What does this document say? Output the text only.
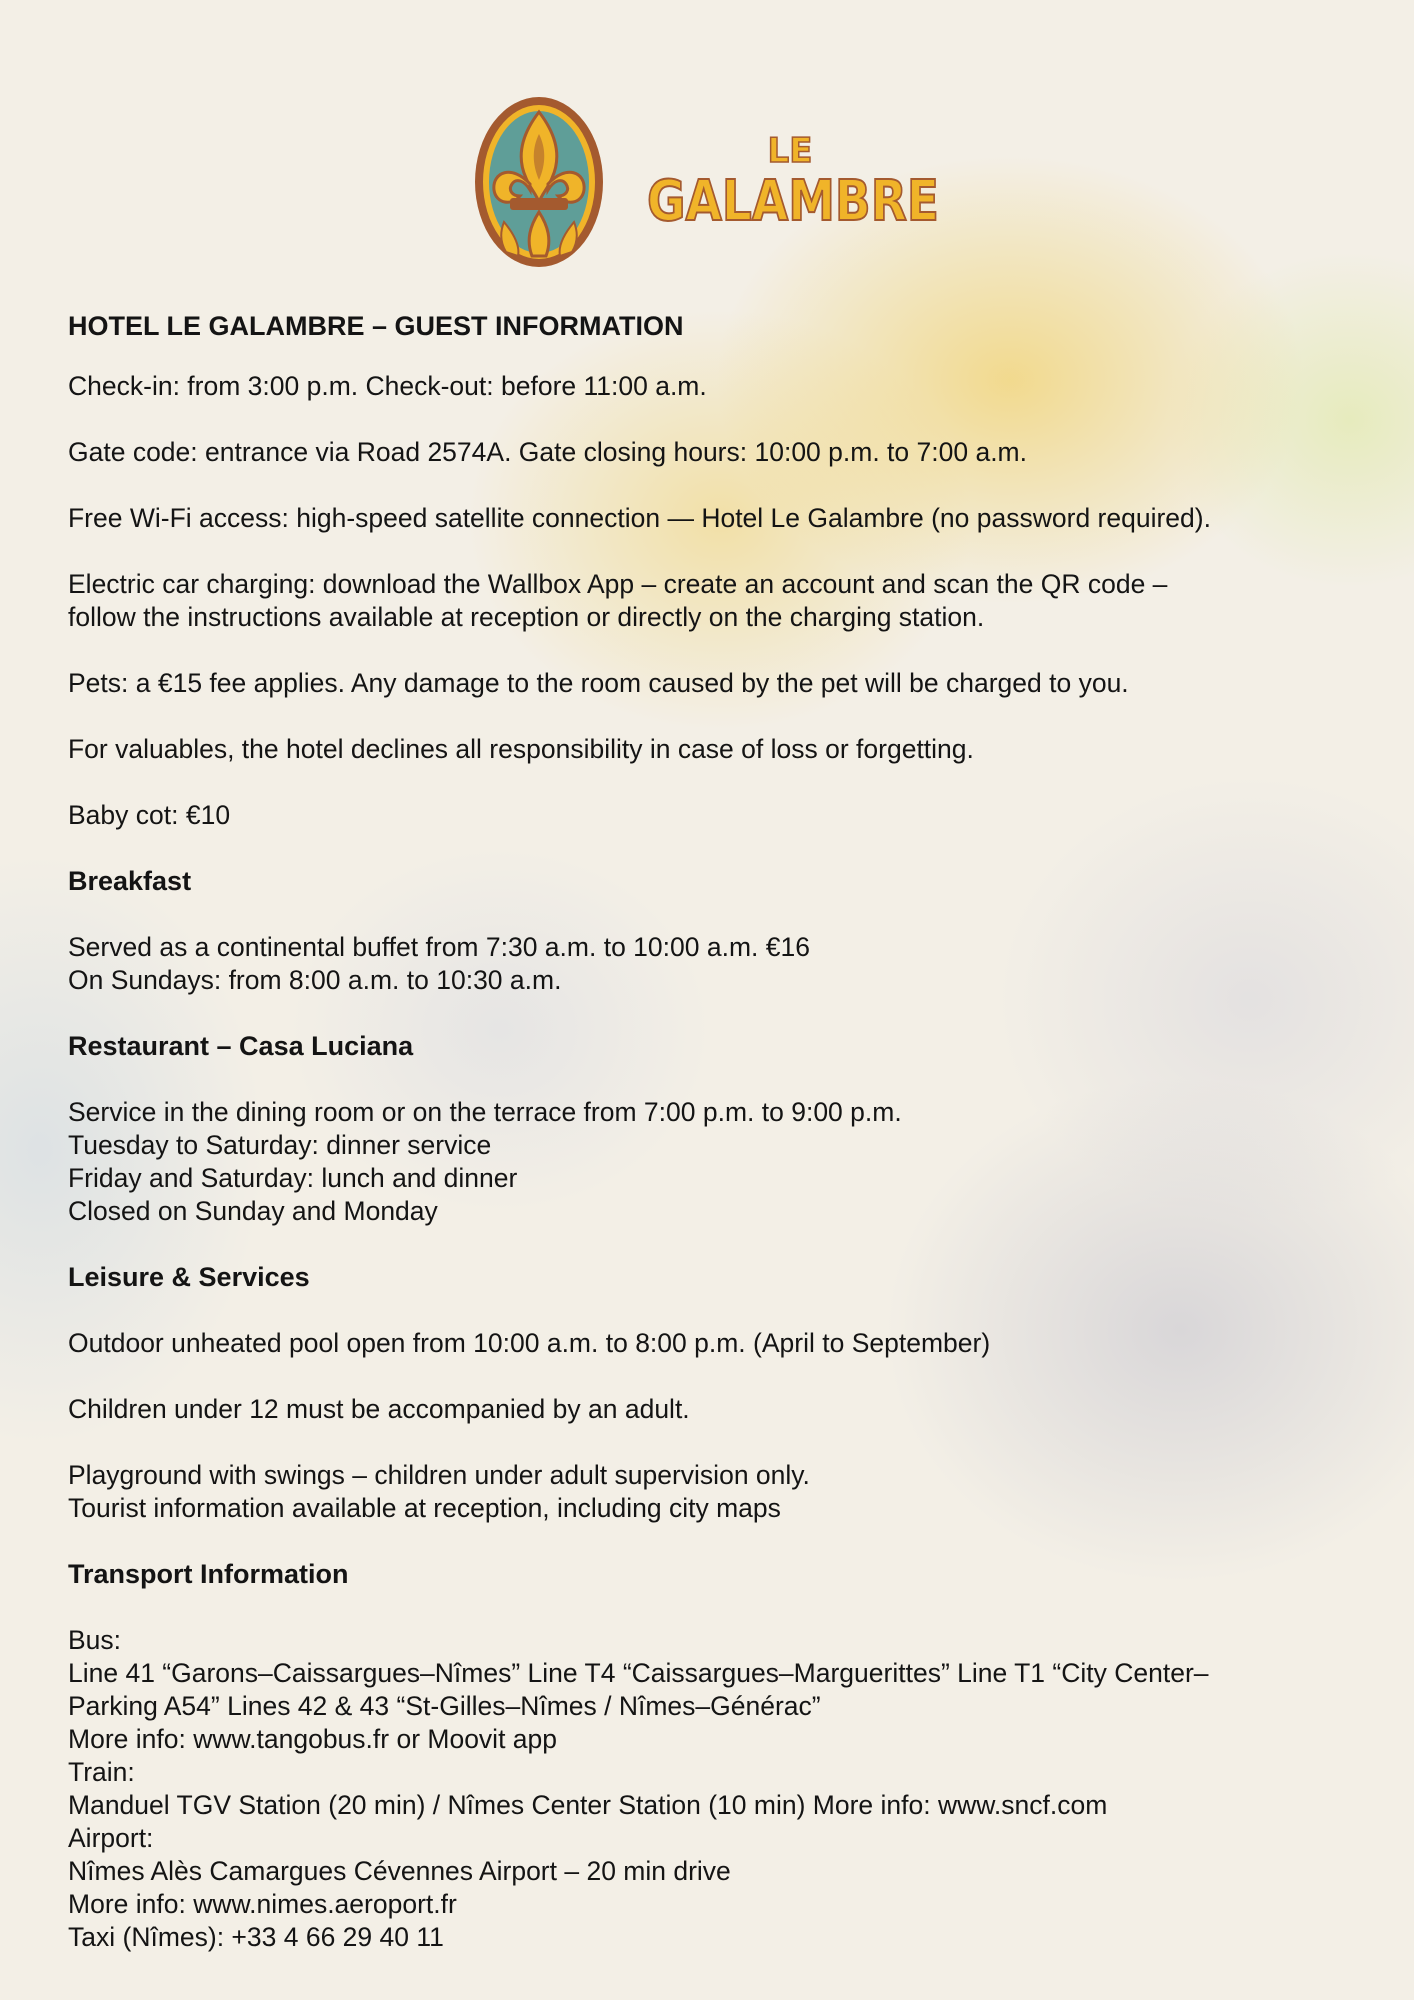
LE
GALAMBRE
HOTEL LE GALAMBRE – GUEST INFORMATION
Check-in: from 3:00 p.m. Check-out: before 11:00 a.m.
Gate code: entrance via Road 2574A. Gate closing hours: 10:00 p.m. to 7:00 a.m.
Free Wi-Fi access: high-speed satellite connection — Hotel Le Galambre (no password required).
Electric car charging: download the Wallbox App – create an account and scan the QR code –
follow the instructions available at reception or directly on the charging station.
Pets: a €15 fee applies. Any damage to the room caused by the pet will be charged to you.
For valuables, the hotel declines all responsibility in case of loss or forgetting.
Baby cot: €10
Breakfast
Served as a continental buffet from 7:30 a.m. to 10:00 a.m. €16
On Sundays: from 8:00 a.m. to 10:30 a.m.
Restaurant – Casa Luciana
Service in the dining room or on the terrace from 7:00 p.m. to 9:00 p.m.
Tuesday to Saturday: dinner service
Friday and Saturday: lunch and dinner
Closed on Sunday and Monday
Leisure & Services
Outdoor unheated pool open from 10:00 a.m. to 8:00 p.m. (April to September)
Children under 12 must be accompanied by an adult.
Playground with swings – children under adult supervision only.
Tourist information available at reception, including city maps
Transport Information
Bus:
Line 41 “Garons–Caissargues–Nîmes” Line T4 “Caissargues–Marguerittes” Line T1 “City Center–
Parking A54” Lines 42 & 43 “St-Gilles–Nîmes / Nîmes–Générac”
More info: www.tangobus.fr or Moovit app
Train:
Manduel TGV Station (20 min) / Nîmes Center Station (10 min) More info: www.sncf.com
Airport:
Nîmes Alès Camargues Cévennes Airport – 20 min drive
More info: www.nimes.aeroport.fr
Taxi (Nîmes): +33 4 66 29 40 11
